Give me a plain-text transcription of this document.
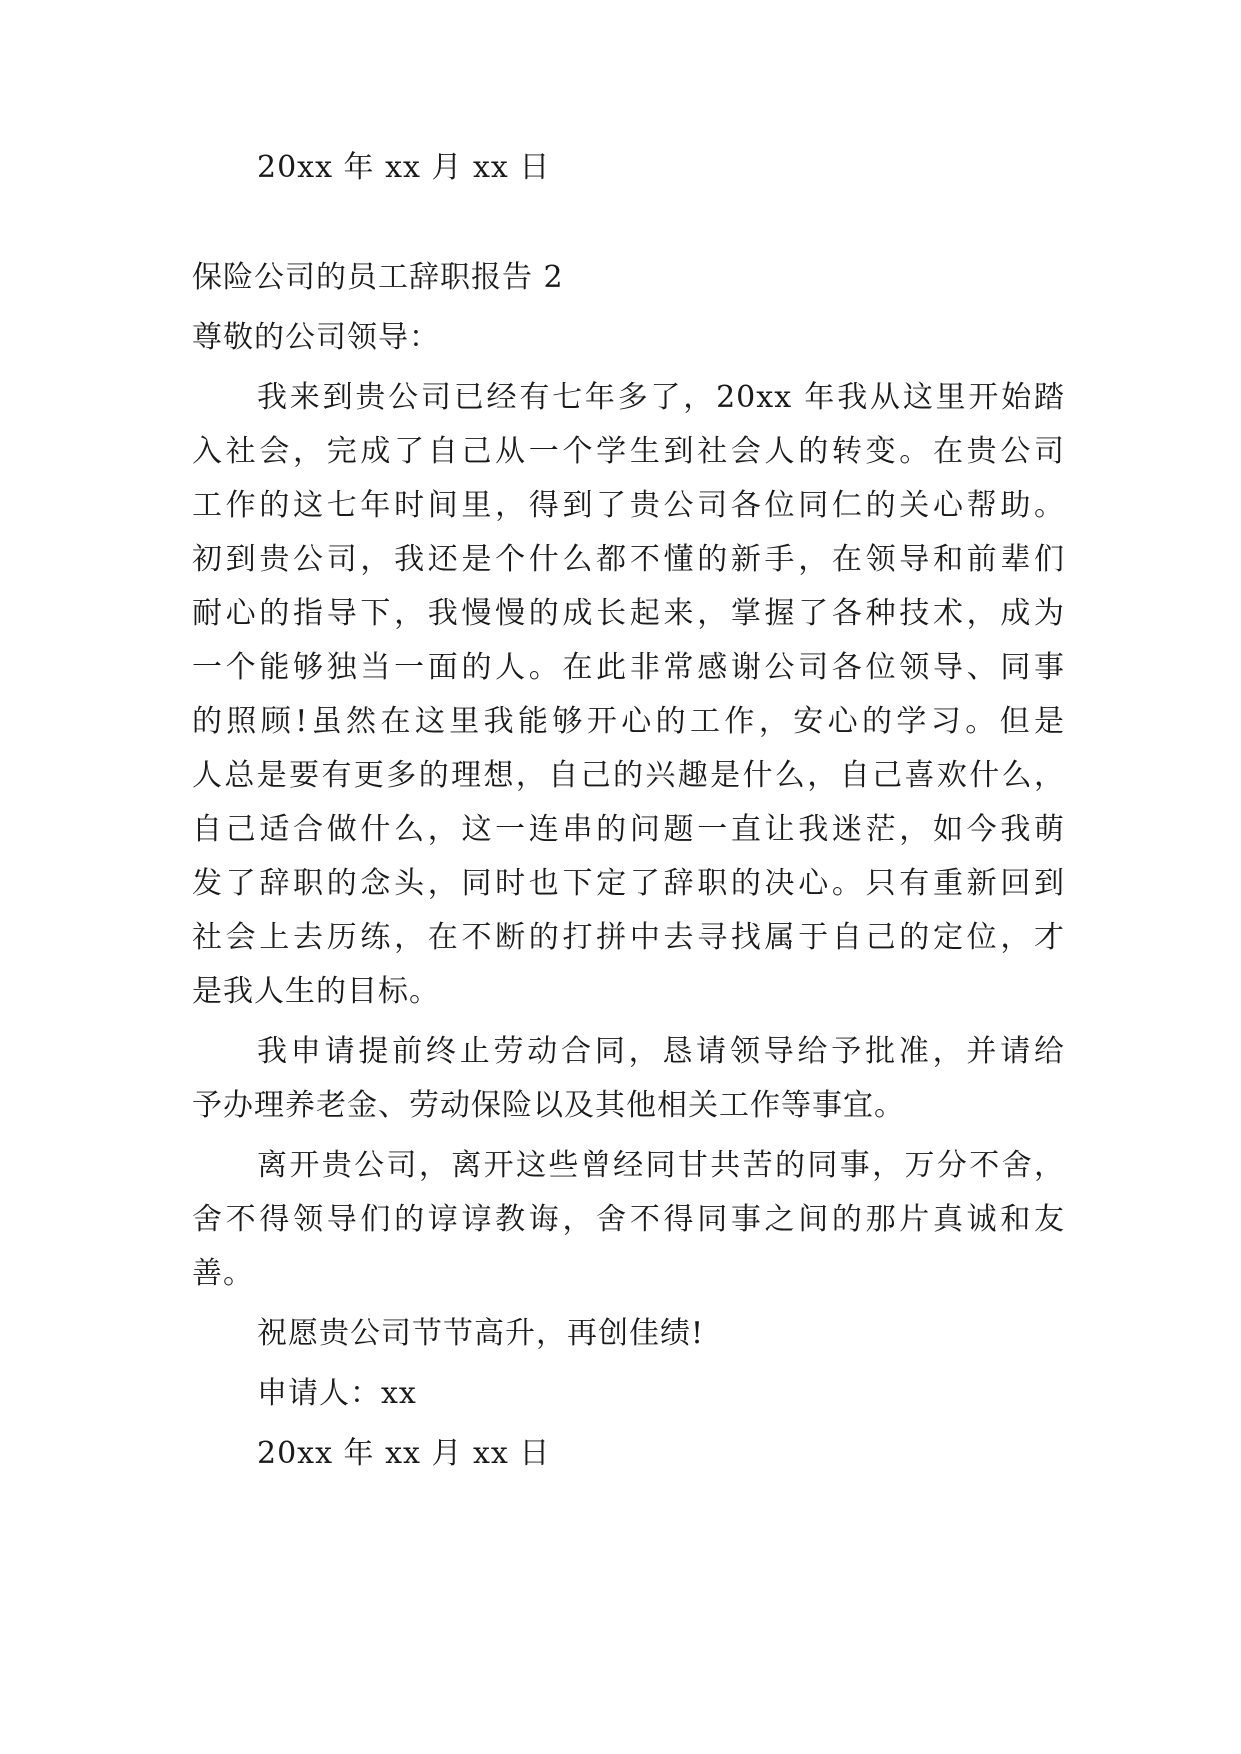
20xx 年 xx 月 xx 日
保险公司的员工辞职报告 2
尊敬的公司领导：
我来到贵公司已经有七年多了，20xx 年我从这里开始踏
入社会，完成了自己从一个学生到社会人的转变。在贵公司
工作的这七年时间里，得到了贵公司各位同仁的关心帮助。
初到贵公司，我还是个什么都不懂的新手，在领导和前辈们
耐心的指导下，我慢慢的成长起来，掌握了各种技术，成为
一个能够独当一面的人。在此非常感谢公司各位领导、同事
的照顾!虽然在这里我能够开心的工作，安心的学习。但是
人总是要有更多的理想，自己的兴趣是什么，自己喜欢什么，
自己适合做什么，这一连串的问题一直让我迷茫，如今我萌
发了辞职的念头，同时也下定了辞职的决心。只有重新回到
社会上去历练，在不断的打拼中去寻找属于自己的定位，才
是我人生的目标。
我申请提前终止劳动合同，恳请领导给予批准，并请给
予办理养老金、劳动保险以及其他相关工作等事宜。
离开贵公司，离开这些曾经同甘共苦的同事，万分不舍，
舍不得领导们的谆谆教诲，舍不得同事之间的那片真诚和友
善。
祝愿贵公司节节高升，再创佳绩!
申请人：xx
20xx 年 xx 月 xx 日
